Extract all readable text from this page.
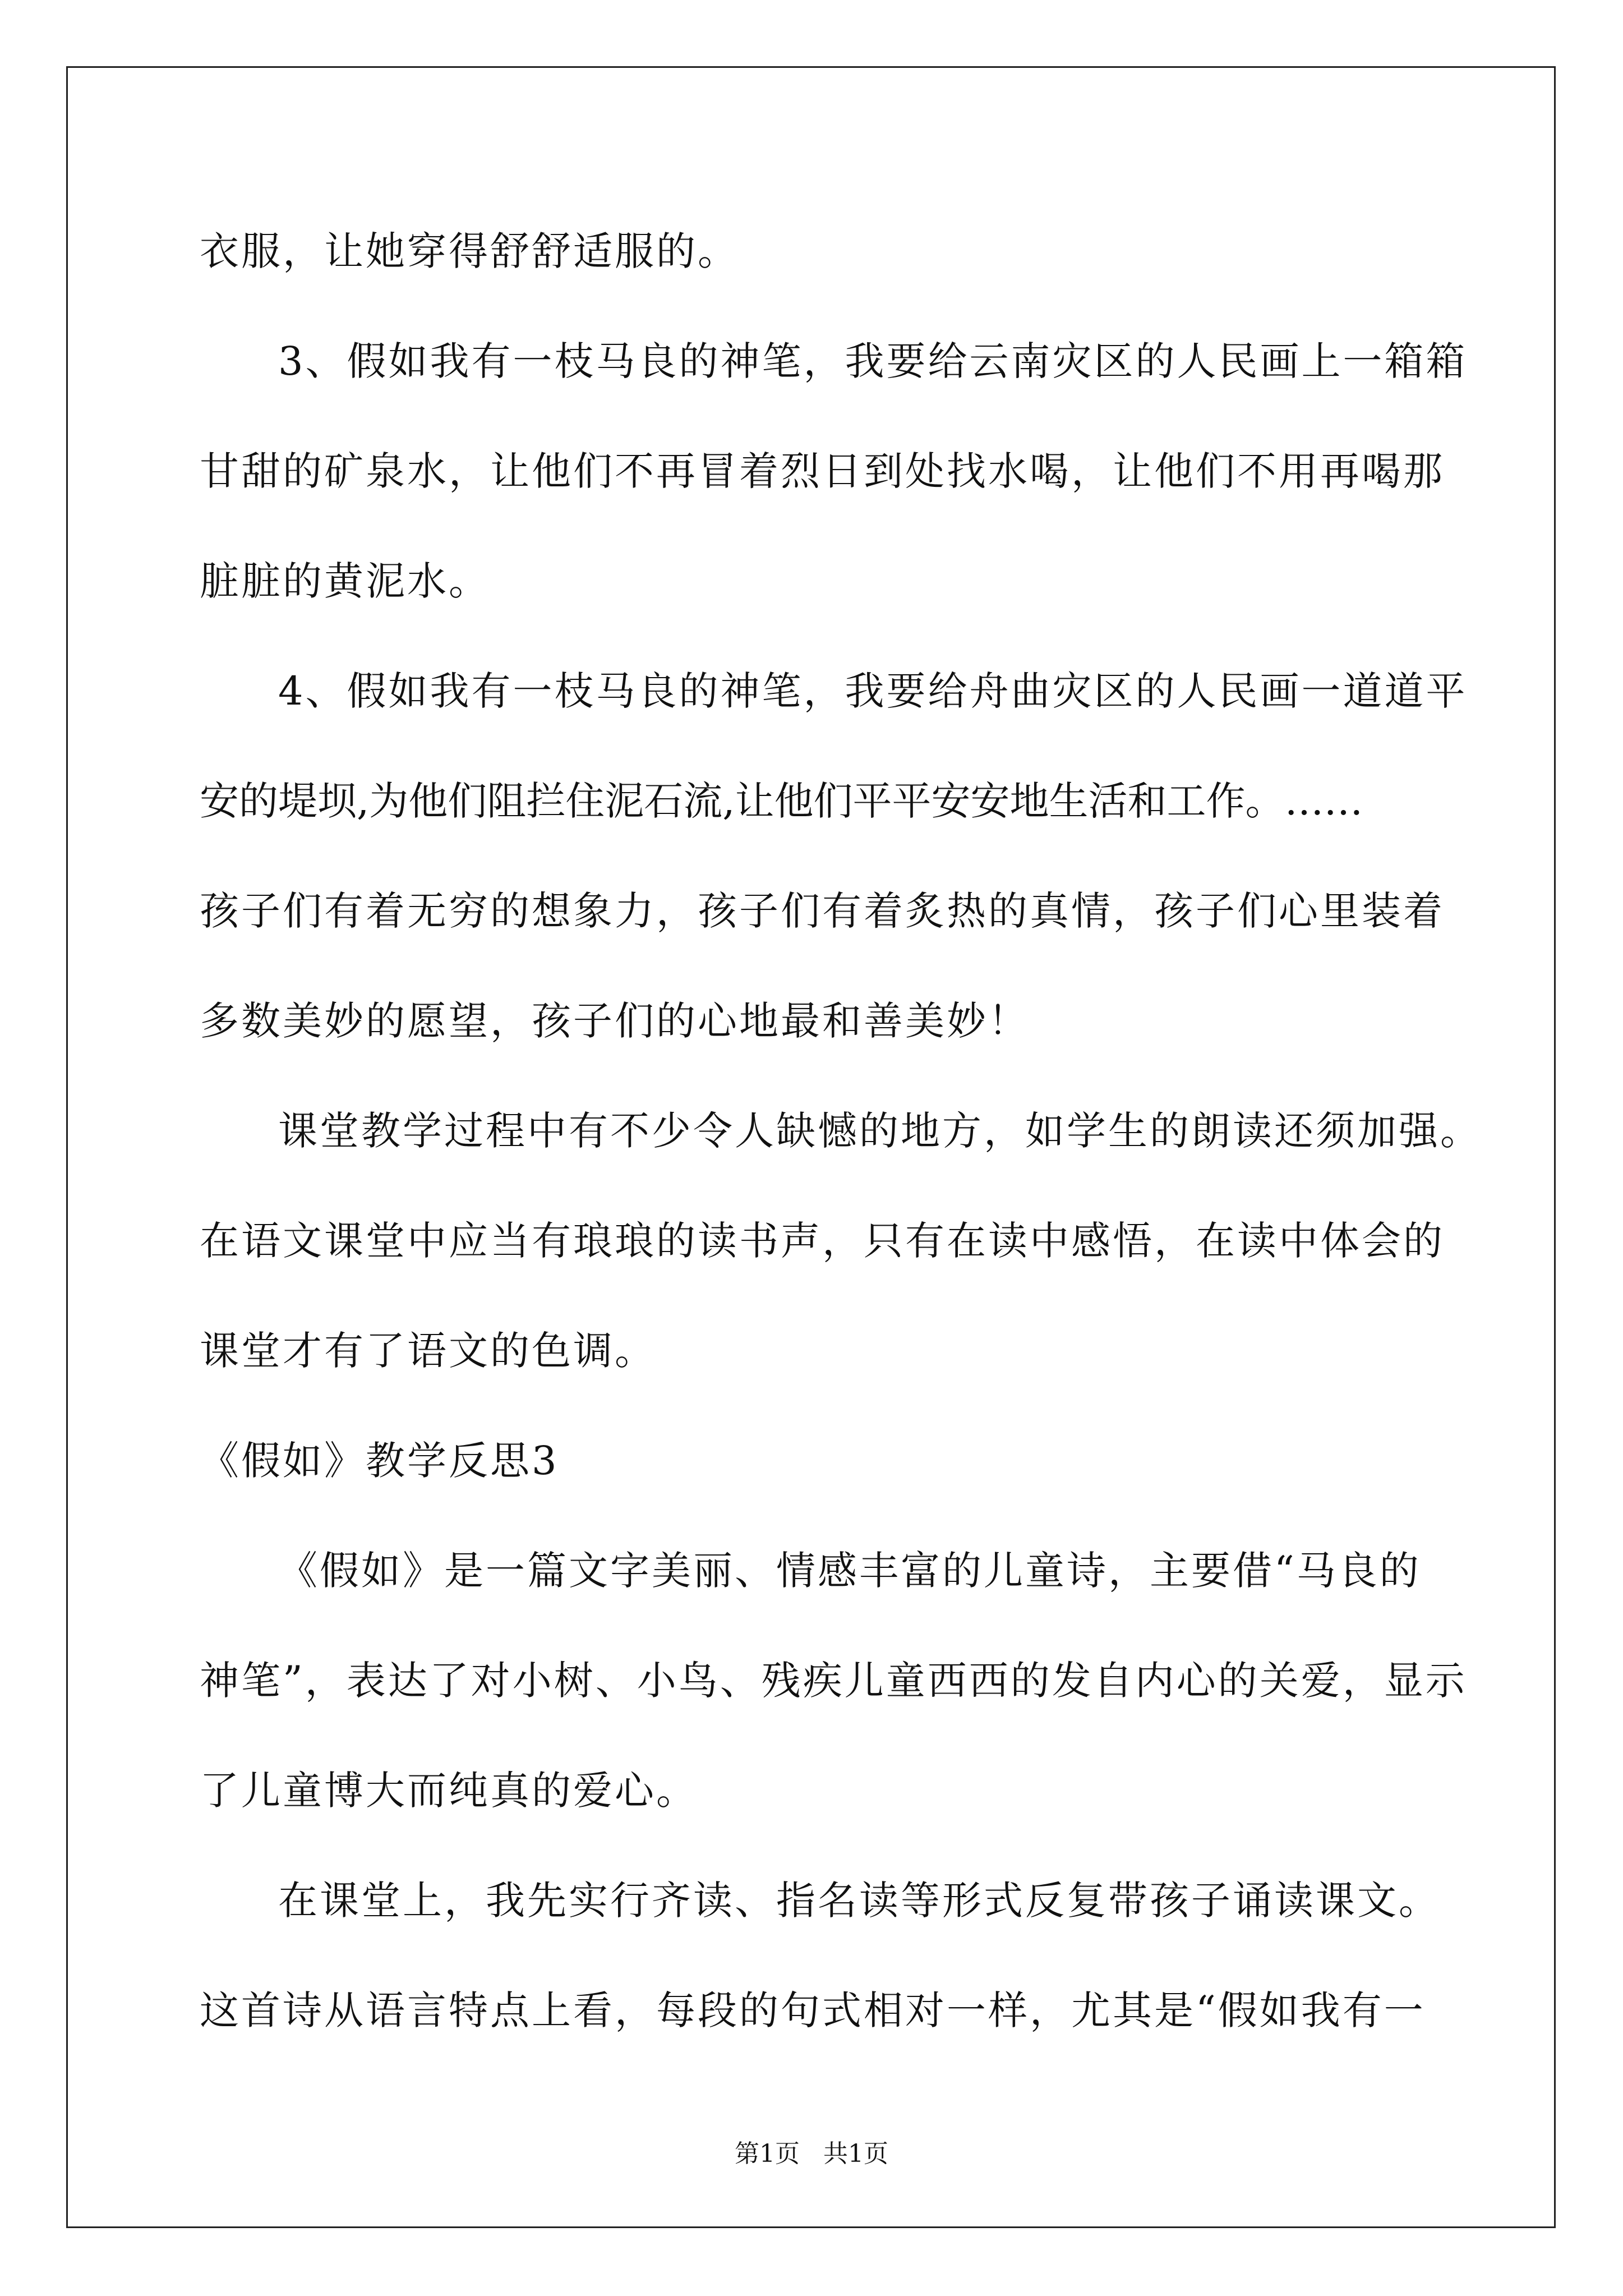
衣服，让她穿得舒舒适服的。
3、假如我有一枝马良的神笔，我要给云南灾区的人民画上一箱箱
甘甜的矿泉水，让他们不再冒着烈日到处找水喝，让他们不用再喝那
脏脏的黄泥水。
4、假如我有一枝马良的神笔，我要给舟曲灾区的人民画一道道平
安的堤坝,为他们阻拦住泥石流,让他们平平安安地生活和工作。……
孩子们有着无穷的想象力，孩子们有着炙热的真情，孩子们心里装着
多数美妙的愿望，孩子们的心地最和善美妙！
课堂教学过程中有不少令人缺憾的地方，如学生的朗读还须加强。
在语文课堂中应当有琅琅的读书声，只有在读中感悟，在读中体会的
课堂才有了语文的色调。
《假如》教学反思3
《假如》是一篇文字美丽、情感丰富的儿童诗，主要借“马良的
神笔”，表达了对小树、小鸟、残疾儿童西西的发自内心的关爱，显示
了儿童博大而纯真的爱心。
在课堂上，我先实行齐读、指名读等形式反复带孩子诵读课文。
这首诗从语言特点上看，每段的句式相对一样，尤其是“假如我有一
第1页 共1页
